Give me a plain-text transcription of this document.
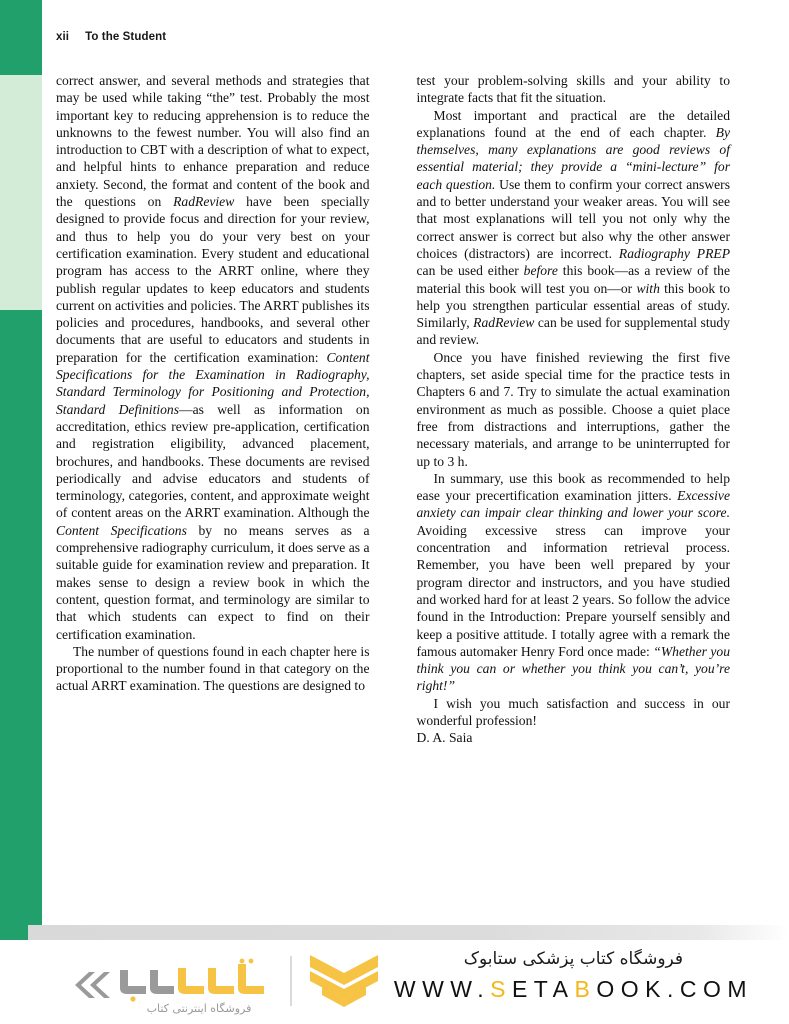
xii To the Student

correct answer, and several methods and strategies that may be used while taking “the” test. Probably the most important key to reducing apprehension is to reduce the unknowns to the fewest number. You will also find an introduction to CBT with a description of what to expect, and helpful hints to enhance preparation and reduce anxiety. Second, the format and content of the book and the questions on RadReview have been specially designed to provide focus and direction for your review, and thus to help you do your very best on your certification examination. Every student and educational program has access to the ARRT online, where they publish regular updates to keep educators and students current on activities and policies. The ARRT publishes its policies and procedures, handbooks, and several other documents that are useful to educators and students in preparation for the certification examination: Content Specifications for the Examination in Radiography, Standard Terminology for Positioning and Protection, Standard Definitions—as well as information on accreditation, ethics review pre-application, certification and registration eligibility, advanced placement, brochures, and handbooks. These documents are revised periodically and advise educators and students of terminology, categories, content, and approximate weight of content areas on the ARRT examination. Although the Content Specifications by no means serves as a comprehensive radiography curriculum, it does serve as a suitable guide for examination review and preparation. It makes sense to design a review book in which the content, question format, and terminology are similar to that which students can expect to find on their certification examination.

The number of questions found in each chapter here is proportional to the number found in that category on the actual ARRT examination. The questions are designed to

test your problem-solving skills and your ability to integrate facts that fit the situation.

Most important and practical are the detailed explanations found at the end of each chapter. By themselves, many explanations are good reviews of essential material; they provide a “mini-lecture” for each question. Use them to confirm your correct answers and to better understand your weaker areas. You will see that most explanations will tell you not only why the correct answer is correct but also why the other answer choices (distractors) are incorrect. Radiography PREP can be used either before this book—as a review of the material this book will test you on—or with this book to help you strengthen particular essential areas of study. Similarly, RadReview can be used for supplemental study and review.

Once you have finished reviewing the first five chapters, set aside special time for the practice tests in Chapters 6 and 7. Try to simulate the actual examination environment as much as possible. Choose a quiet place free from distractions and interruptions, gather the necessary materials, and arrange to be uninterrupted for up to 3 h.

In summary, use this book as recommended to help ease your precertification examination jitters. Excessive anxiety can impair clear thinking and lower your score. Avoiding excessive stress can improve your concentration and information retrieval process. Remember, you have been well prepared by your program director and instructors, and you have studied and worked hard for at least 2 years. So follow the advice found in the Introduction: Prepare yourself sensibly and keep a positive attitude. I totally agree with a remark the famous automaker Henry Ford once made: “Whether you think you can or whether you think you can’t, you’re right!”

I wish you much satisfaction and success in our wonderful profession!

D. A. Saia

فروشگاه اینترنتی کتاب
فروشگاه کتاب پزشکی ستابوک
WWW.SETABOOK.COM
